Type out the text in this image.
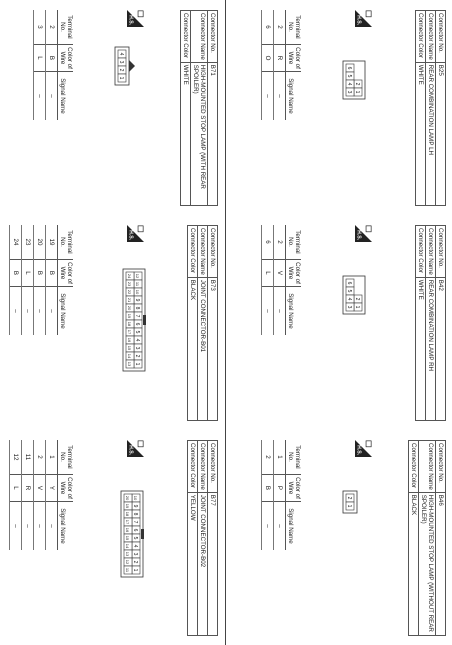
Connector No.	B25
Connector Name	REAR COMBINATION LAMP LH
Connector Color	WHITE
H.S.
2
1
6
5
4
3
Terminal No.	Color of Wire	Signal Name
2	R	–
6	O	–
Connector No.	B42
Connector Name	REAR COMBINATION LAMP RH
Connector Color	WHITE
H.S.
2
1
6
5
4
3
Terminal No.	Color of Wire	Signal Name
2	V	–
6	L	–
Connector No.	B46
Connector Name	HIGH-MOUNTED STOP LAMP (WITHOUT REAR SPOILER)
Connector Color	BLACK
H.S.
2
1
Terminal No.	Color of Wire	Signal Name
1	P	–
2	B	–
Connector No.	B71
Connector Name	HIGH-MOUNTED STOP LAMP (WITH REAR SPOILER)
Connector Color	WHITE
H.S.
4
3
2
1
Terminal No.	Color of Wire	Signal Name
2	B	–
3	L	–
Connector No.	B73
Connector Name	JOINT CONNECTOR-B01
Connector Color	BLACK
H.S.
12
11
10
9
8
7
6
5
4
3
2
1
24
23
22
21
20
19
18
17
16
15
14
13
Terminal No.	Color of Wire	Signal Name
19	B	–
20	B	–
23	L	–
24	B	–
Connector No.	B77
Connector Name	JOINT CONNECTOR-B02
Connector Color	YELLOW
H.S.
10
9
8
7
6
5
4
3
2
1
20
19
18
17
16
15
14
13
12
11
Terminal No.	Color of Wire	Signal Name
1	Y	–
2	V	–
11	R	–
12	L	–
